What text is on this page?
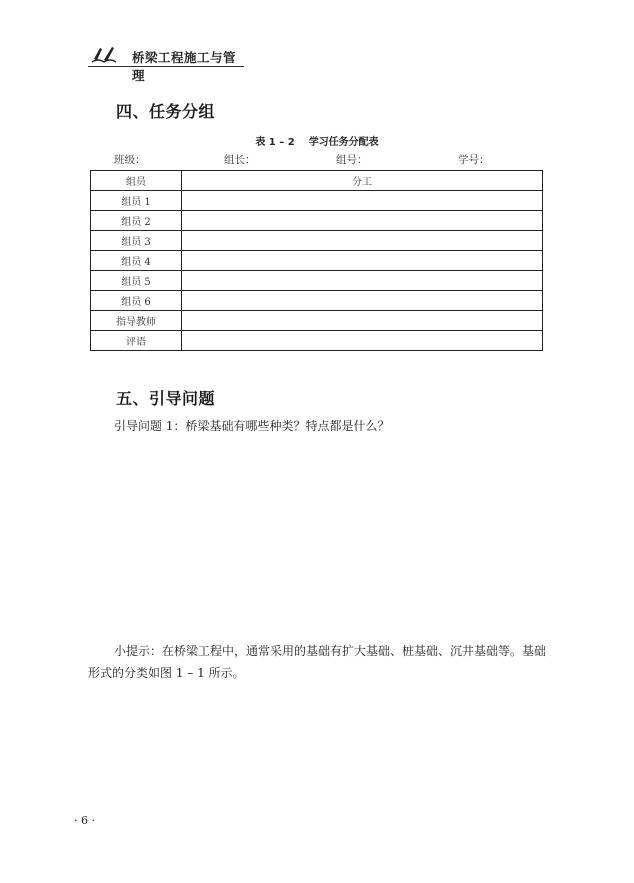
桥梁工程施工与管理
四、任务分组
表 1 – 2 学习任务分配表
班级：	组长：	组号：	学号：
组员	分工
组员 1	
组员 2	
组员 3	
组员 4	
组员 5	
组员 6	
指导教师	
评语	
五、引导问题
引导问题 1：桥梁基础有哪些种类？特点都是什么？
小提示：在桥梁工程中，通常采用的基础有扩大基础、桩基础、沉井基础等。基础形式的分类如图 1 – 1 所示。
· 6 ·
